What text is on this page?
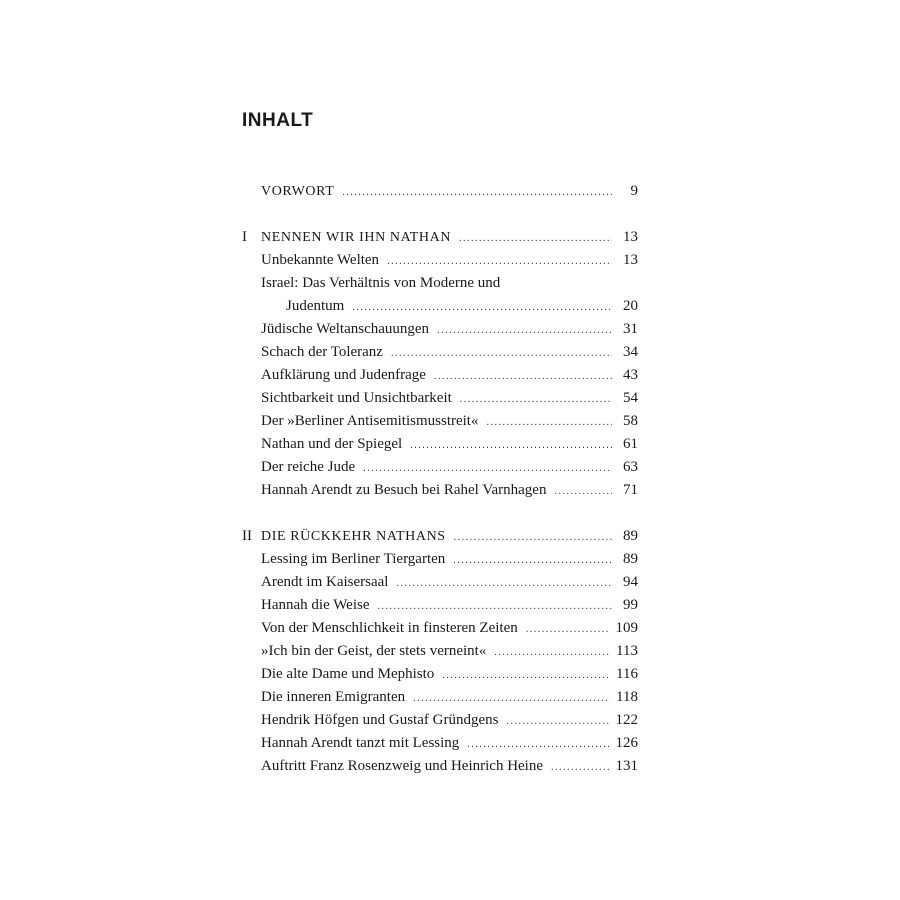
INHALT
VORWORT .....	9
I	NENNEN WIR IHN NATHAN .....	13
Unbekannte Welten .....	13
Israel: Das Verhältnis von Moderne und
Judentum .....	20
Jüdische Weltanschauungen .....	31
Schach der Toleranz .....	34
Aufklärung und Judenfrage .....	43
Sichtbarkeit und Unsichtbarkeit .....	54
Der »Berliner Antisemitismusstreit« .....	58
Nathan und der Spiegel .....	61
Der reiche Jude .....	63
Hannah Arendt zu Besuch bei Rahel Varnhagen .....	71
II DIE RÜCKKEHR NATHANS .....	89
Lessing im Berliner Tiergarten .....	89
Arendt im Kaisersaal .....	94
Hannah die Weise .....	99
Von der Menschlichkeit in finsteren Zeiten .....	109
»Ich bin der Geist, der stets verneint« .....	113
Die alte Dame und Mephisto .....	116
Die inneren Emigranten .....	118
Hendrik Höfgen und Gustaf Gründgens .....	122
Hannah Arendt tanzt mit Lessing .....	126
Auftritt Franz Rosenzweig und Heinrich Heine .....	131
